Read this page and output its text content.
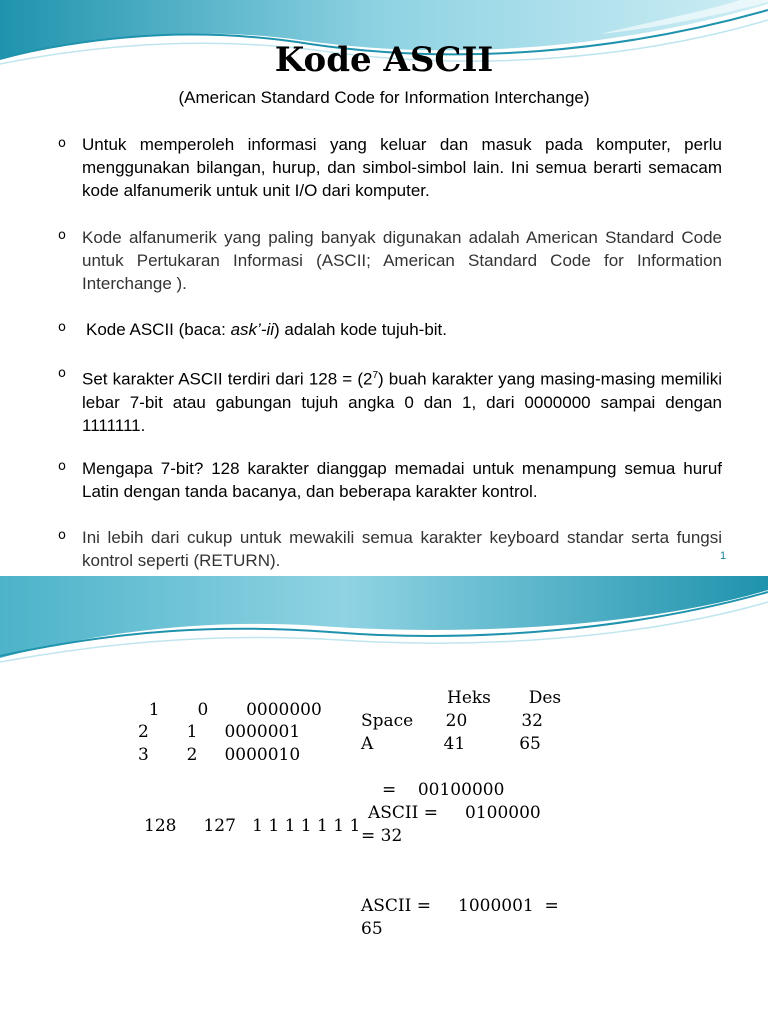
Kode ASCII
(American Standard Code for Information Interchange)
o Untuk memperoleh informasi yang keluar dan masuk pada komputer, perlu menggunakan bilangan, hurup, dan simbol-simbol lain. Ini semua berarti semacam kode alfanumerik untuk unit I/O dari komputer.
o Kode alfanumerik yang paling banyak digunakan adalah American Standard Code untuk Pertukaran Informasi (ASCII; American Standard Code for Information Interchange ).
o Kode ASCII (baca: ask’-ii) adalah kode tujuh-bit.
o Set karakter ASCII terdiri dari $128 = (2^7)$ buah karakter yang masing-masing memiliki lebar 7-bit atau gabungan tujuh angka 0 dan 1, dari 0000000 sampai dengan 1111111.
o Mengapa 7-bit? 128 karakter dianggap memadai untuk menampung semua huruf Latin dengan tanda bacanya, dan beberapa karakter kontrol.
o Ini lebih dari cukup untuk mewakili semua karakter keyboard standar serta fungsi kontrol seperti (RETURN).	1
1       0       0000000
2       1     0000001
3       2     0000010
128     127   1 1 1 1 1 1 1
Heks       Des
Space      20          32
A             41          65
=    00100000
ASCII =     0100000
= 32
ASCII =     1000001  =
65
